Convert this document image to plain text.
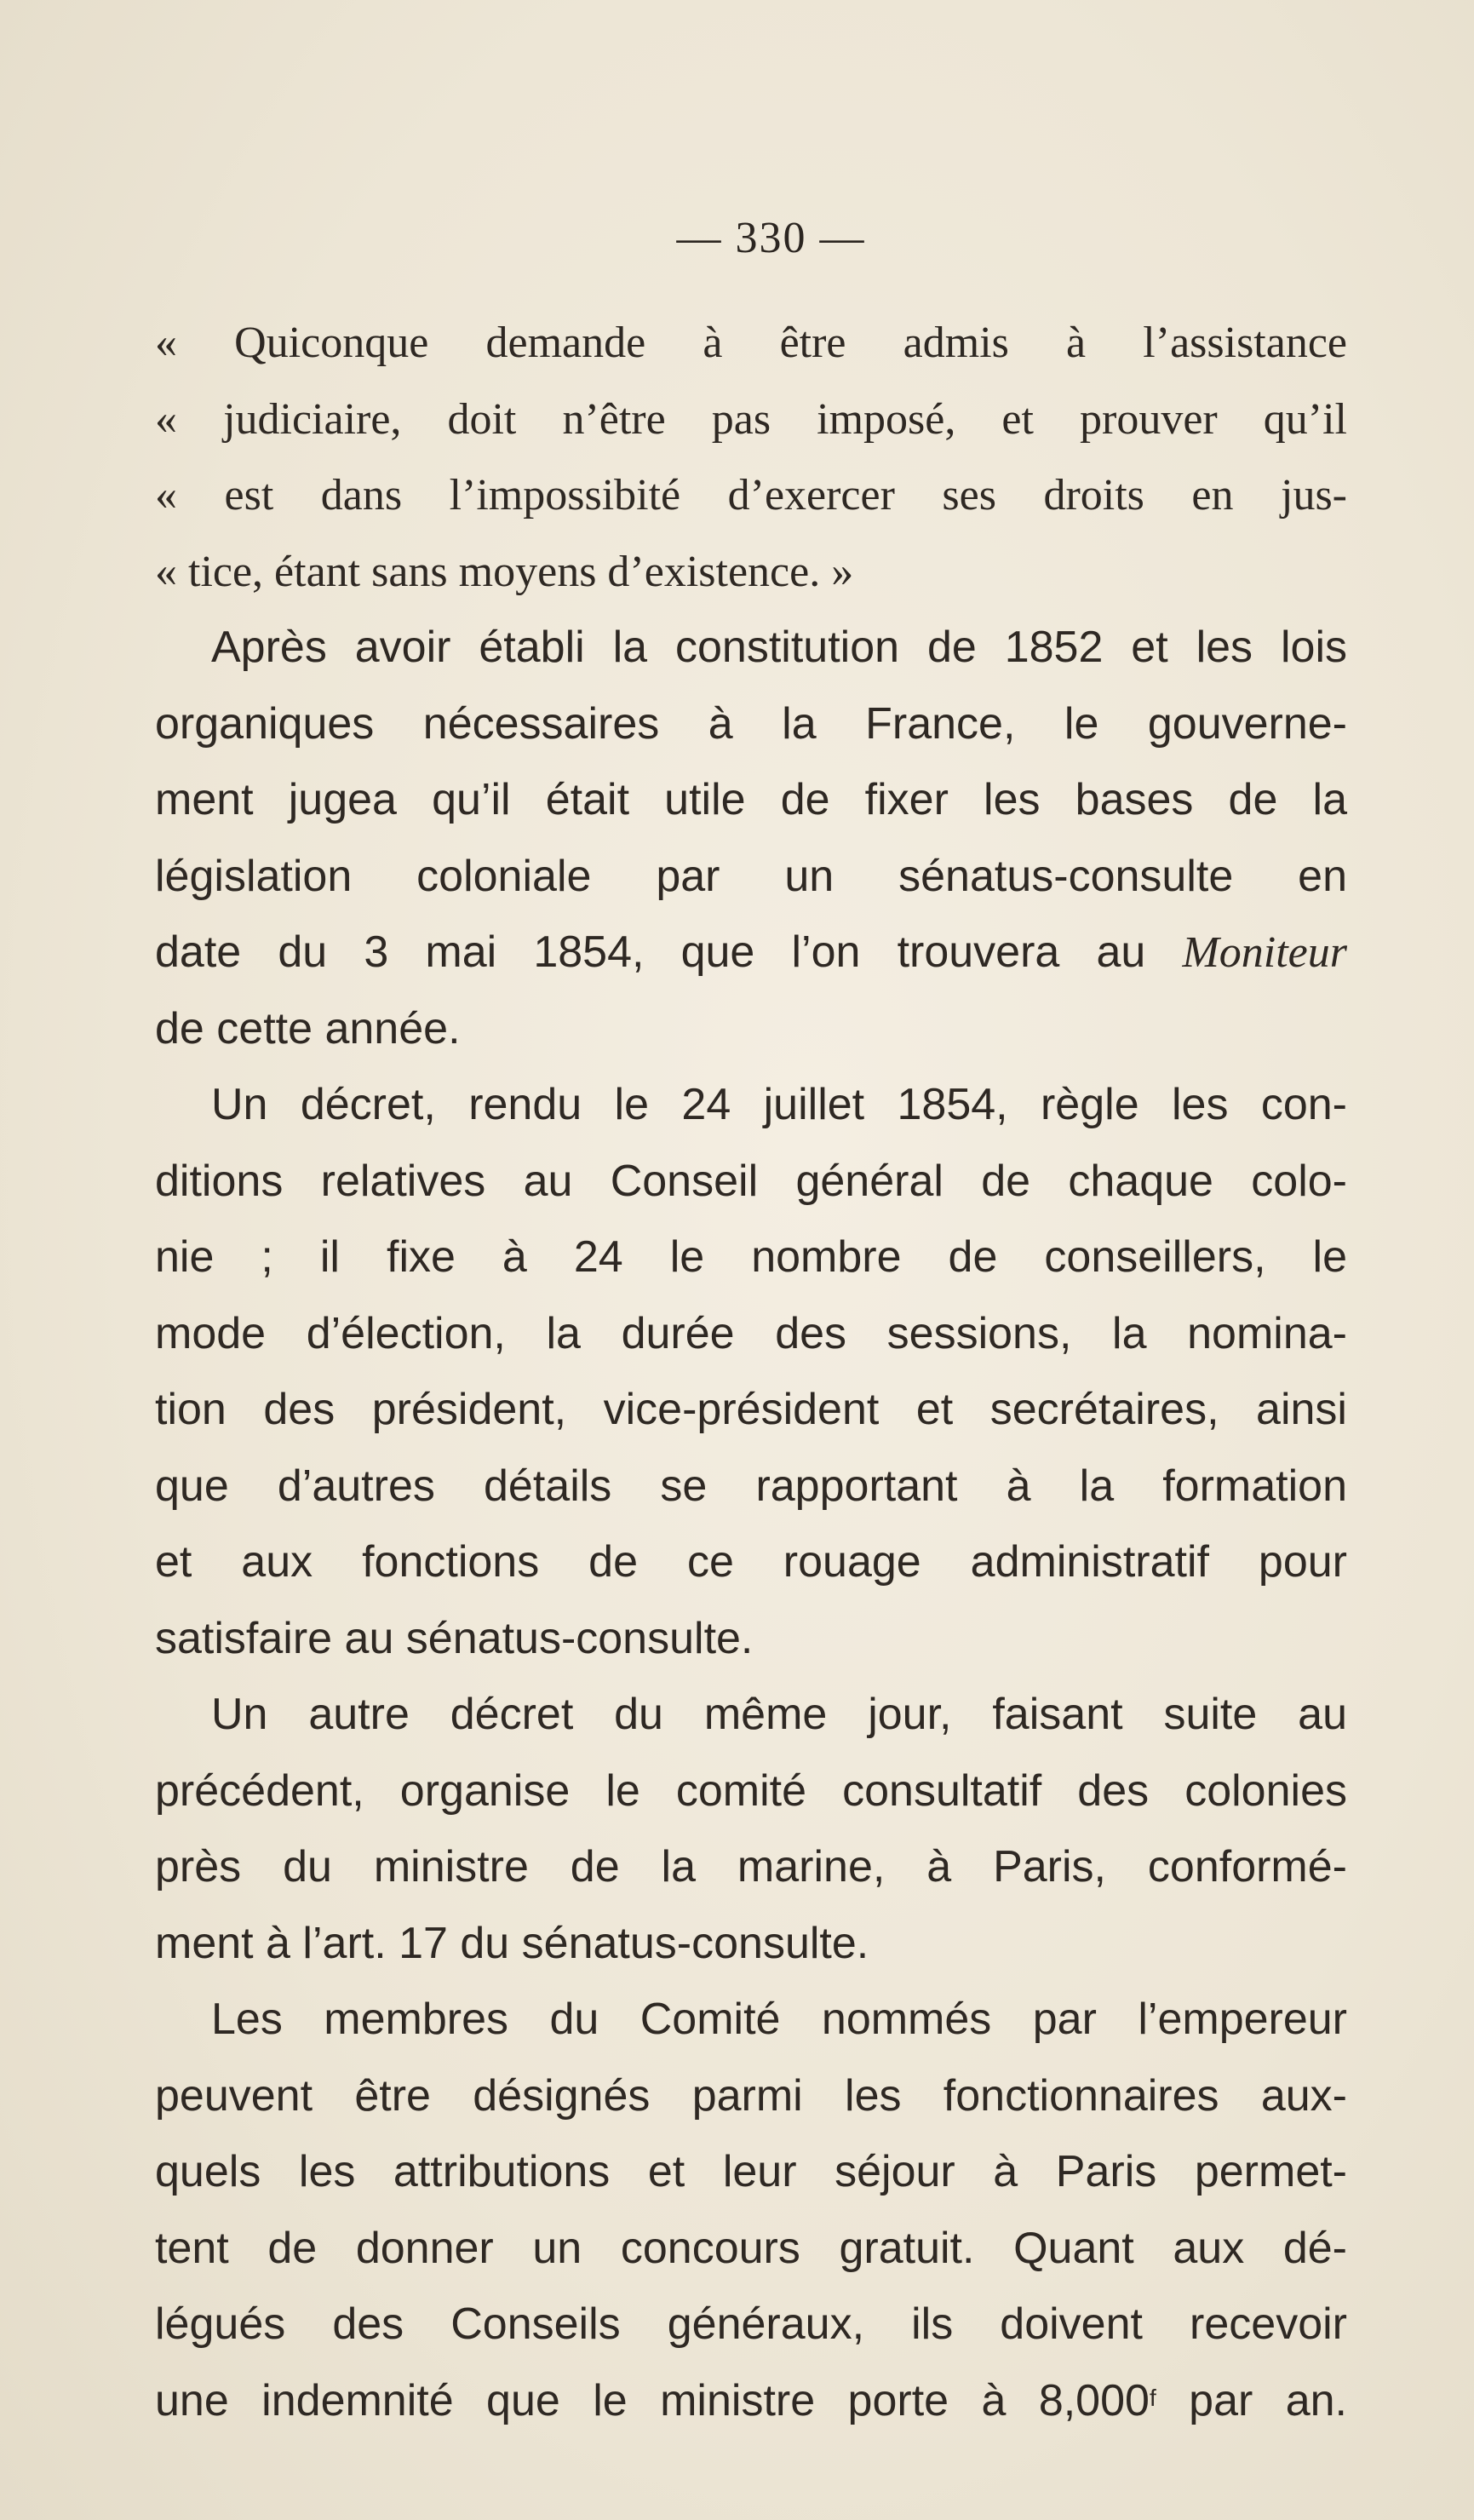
— 330 —
« Quiconque demande à être admis à l’assistance
« judiciaire, doit n’être pas imposé, et prouver qu’il
« est dans l’impossibité d’exercer ses droits en jus-
« tice, étant sans moyens d’existence. »
Après avoir établi la constitution de 1852 et les lois
organiques nécessaires à la France, le gouverne-
ment jugea qu’il était utile de fixer les bases de la
législation coloniale par un sénatus-consulte en
date du 3 mai 1854, que l’on trouvera au Moniteur
de cette année.
Un décret, rendu le 24 juillet 1854, règle les con-
ditions relatives au Conseil général de chaque colo-
nie ; il fixe à 24 le nombre de conseillers, le
mode d’élection, la durée des sessions, la nomina-
tion des président, vice-président et secrétaires, ainsi
que d’autres détails se rapportant à la formation
et aux fonctions de ce rouage administratif pour
satisfaire au sénatus-consulte.
Un autre décret du même jour, faisant suite au
précédent, organise le comité consultatif des colonies
près du ministre de la marine, à Paris, conformé-
ment à l’art. 17 du sénatus-consulte.
Les membres du Comité nommés par l’empereur
peuvent être désignés parmi les fonctionnaires aux-
quels les attributions et leur séjour à Paris permet-
tent de donner un concours gratuit. Quant aux dé-
légués des Conseils généraux, ils doivent recevoir
une indemnité que le ministre porte à 8,000$^f$ par an.
